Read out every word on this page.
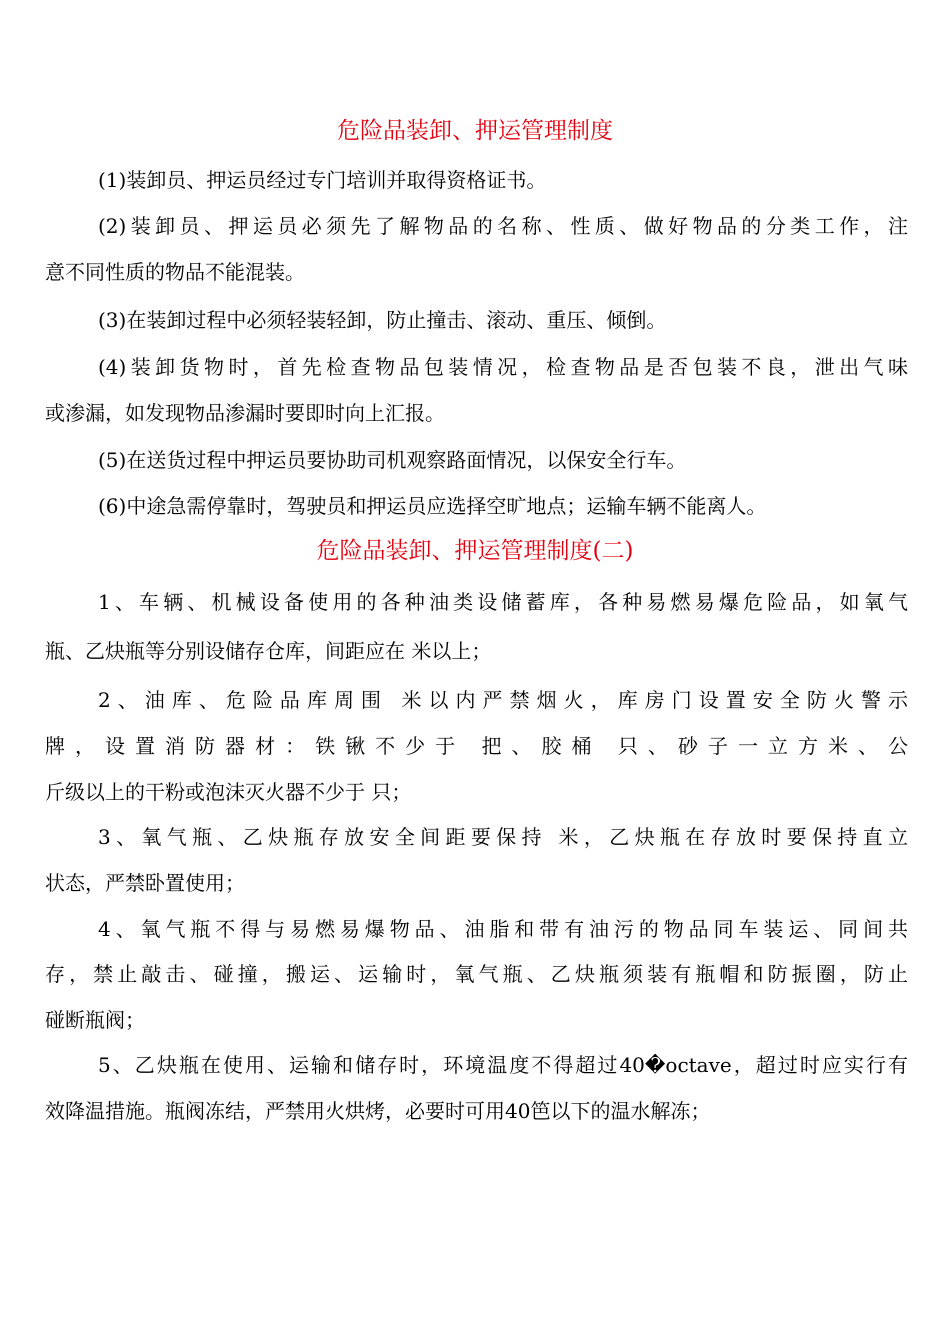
危险品装卸、押运管理制度
(1)装卸员、押运员经过专门培训并取得资格证书。
(2)装卸员、押运员必须先了解物品的名称、性质、做好物品的分类工作，注
意不同性质的物品不能混装。
(3)在装卸过程中必须轻装轻卸，防止撞击、滚动、重压、倾倒。
(4)装卸货物时，首先检查物品包装情况，检查物品是否包装不良，泄出气味
或渗漏，如发现物品渗漏时要即时向上汇报。
(5)在送货过程中押运员要协助司机观察路面情况，以保安全行车。
(6)中途急需停靠时，驾驶员和押运员应选择空旷地点；运输车辆不能离人。
危险品装卸、押运管理制度(二)
1、车辆、机械设备使用的各种油类设储蓄库，各种易燃易爆危险品，如氧气
瓶、乙炔瓶等分别设储存仓库，间距应在 米以上；
2、油库、危险品库周围 米以内严禁烟火，库房门设置安全防火警示
牌，设置消防器材：铁锹不少于 把、胶桶 只、砂子一立方米、公
斤级以上的干粉或泡沫灭火器不少于 只；
3、氧气瓶、乙炔瓶存放安全间距要保持 米，乙炔瓶在存放时要保持直立
状态，严禁卧置使用；
4、氧气瓶不得与易燃易爆物品、油脂和带有油污的物品同车装运、同间共
存，禁止敲击、碰撞，搬运、运输时，氧气瓶、乙炔瓶须装有瓶帽和防振圈，防止
碰断瓶阀；
5、乙炔瓶在使用、运输和储存时，环境温度不得超过40�octave，超过时应实行有
效降温措施。瓶阀冻结，严禁用火烘烤，必要时可用40笆以下的温水解冻；
